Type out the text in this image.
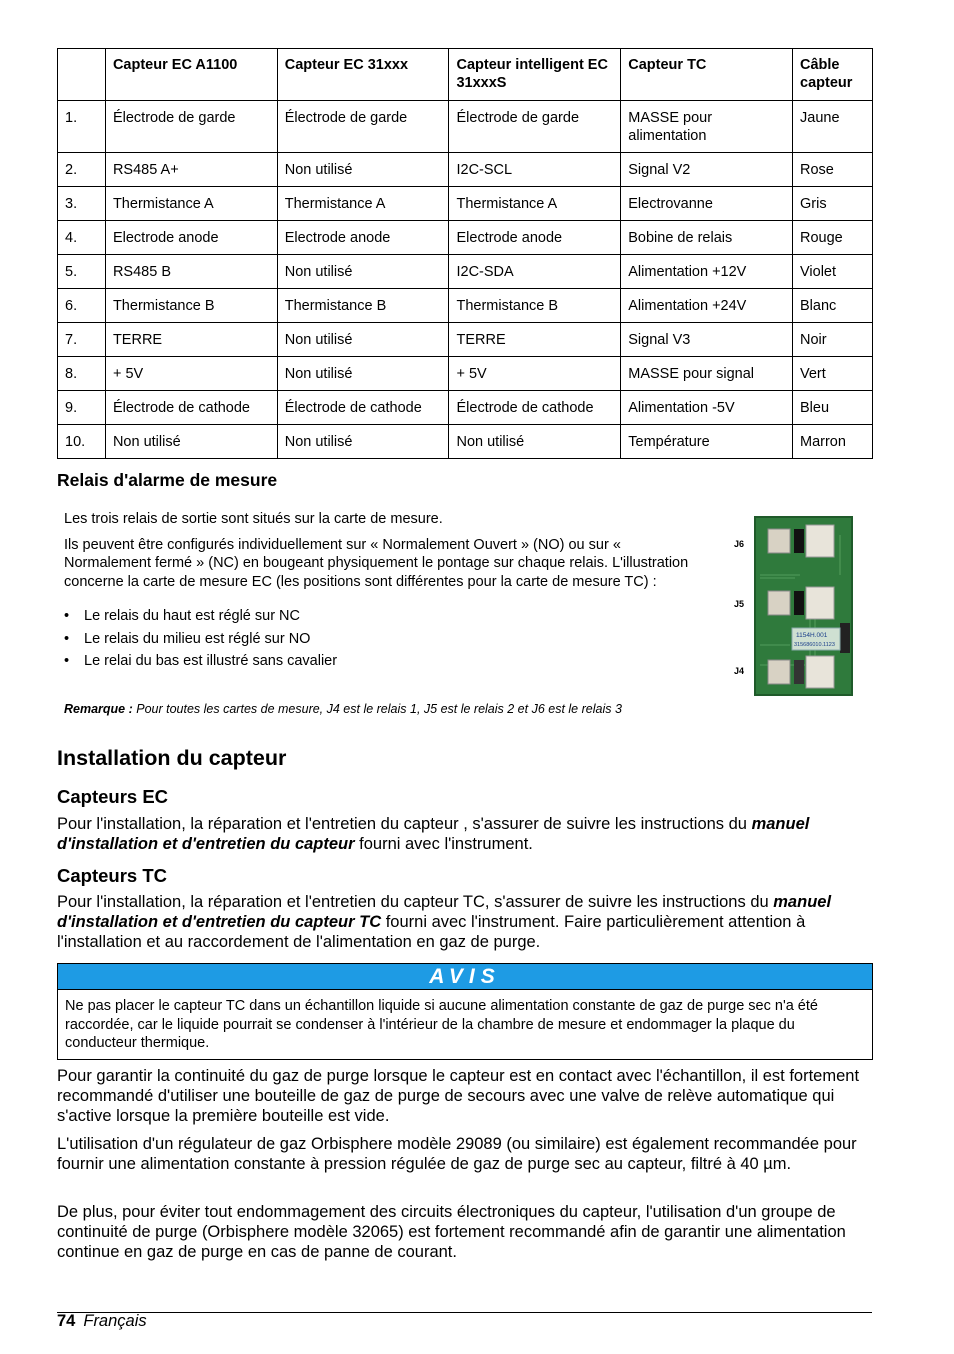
	Capteur EC A1100	Capteur EC 31xxx	Capteur intelligent EC 31xxxS	Capteur TC	Câble capteur
1.	Électrode de garde	Électrode de garde	Électrode de garde	MASSE pour alimentation	Jaune
2.	RS485 A+	Non utilisé	I2C-SCL	Signal V2	Rose
3.	Thermistance A	Thermistance A	Thermistance A	Electrovanne	Gris
4.	Electrode anode	Electrode anode	Electrode anode	Bobine de relais	Rouge
5.	RS485 B	Non utilisé	I2C-SDA	Alimentation +12V	Violet
6.	Thermistance B	Thermistance B	Thermistance B	Alimentation +24V	Blanc
7.	TERRE	Non utilisé	TERRE	Signal V3	Noir
8.	+ 5V	Non utilisé	+ 5V	MASSE pour signal	Vert
9.	Électrode de cathode	Électrode de cathode	Électrode de cathode	Alimentation -5V	Bleu
10.	Non utilisé	Non utilisé	Non utilisé	Température	Marron
Relais d'alarme de mesure

Les trois relais de sortie sont situés sur la carte de mesure.

Ils peuvent être configurés individuellement sur « Normalement Ouvert » (NO) ou sur « Normalement fermé » (NC) en bougeant physiquement le pontage sur chaque relais. L'illustration concerne la carte de mesure EC (les positions sont différentes pour la carte de mesure TC) :

• Le relais du haut est réglé sur NC
• Le relais du milieu est réglé sur NO
• Le relai du bas est illustré sans cavalier
Remarque : Pour toutes les cartes de mesure, J4 est le relais 1, J5 est le relais 2 et J6 est le relais 3
J6
J5
J4
1154H.001
315686010.1123
Installation du capteur
Capteurs EC

Pour l'installation, la réparation et l'entretien du capteur , s'assurer de suivre les instructions du manuel d'installation et d'entretien du capteur fourni avec l'instrument.

Capteurs TC

Pour l'installation, la réparation et l'entretien du capteur TC, s'assurer de suivre les instructions du manuel d'installation et d'entretien du capteur TC fourni avec l'instrument. Faire particulièrement attention à l'installation et au raccordement de l'alimentation en gaz de purge.

AVIS
Ne pas placer le capteur TC dans un échantillon liquide si aucune alimentation constante de gaz de purge sec n'a été raccordée, car le liquide pourrait se condenser à l'intérieur de la chambre de mesure et endommager la plaque du conducteur thermique.

Pour garantir la continuité du gaz de purge lorsque le capteur est en contact avec l'échantillon, il est fortement recommandé d'utiliser une bouteille de gaz de purge de secours avec une valve de relève automatique qui s'active lorsque la première bouteille est vide.

L'utilisation d'un régulateur de gaz Orbisphere modèle 29089 (ou similaire) est également recommandée pour fournir une alimentation constante à pression régulée de gaz de purge sec au capteur, filtré à 40 µm.

De plus, pour éviter tout endommagement des circuits électroniques du capteur, l'utilisation d'un groupe de continuité de purge (Orbisphere modèle 32065) est fortement recommandé afin de garantir une alimentation continue en gaz de purge en cas de panne de courant.

74 Français
